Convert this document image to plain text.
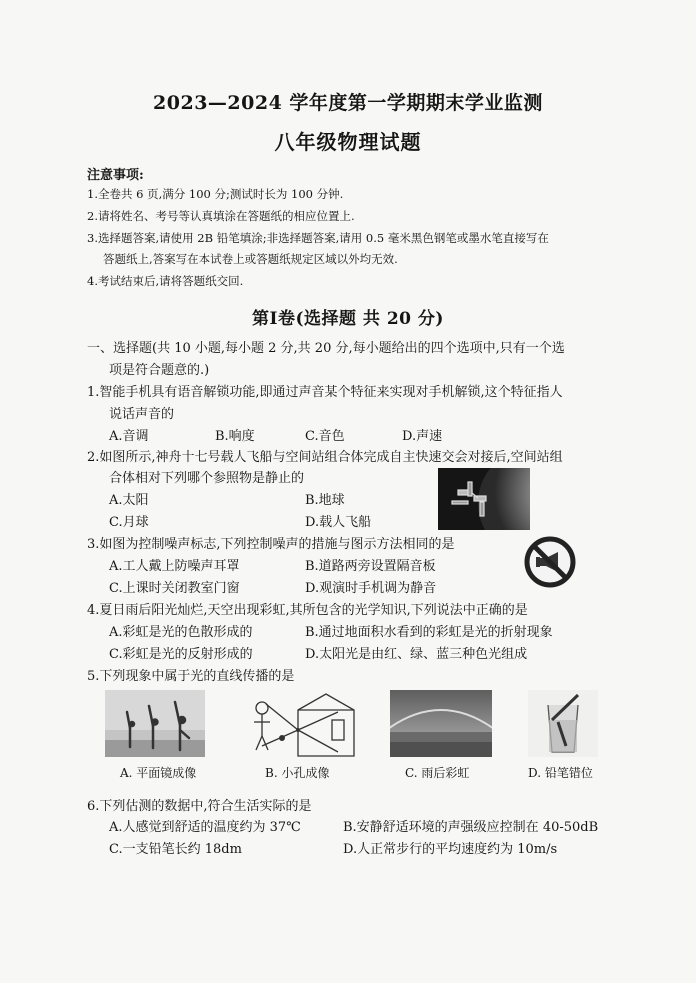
2023—2024 学年度第一学期期末学业监测
八年级物理试题
注意事项:
1.全卷共 6 页,满分 100 分;测试时长为 100 分钟.
2.请将姓名、考号等认真填涂在答题纸的相应位置上.
3.选择题答案,请使用 2B 铅笔填涂;非选择题答案,请用 0.5 毫米黑色钢笔或墨水笔直接写在
答题纸上,答案写在本试卷上或答题纸规定区域以外均无效.
4.考试结束后,请将答题纸交回.
第Ⅰ卷(选择题 共 20 分)
一、选择题(共 10 小题,每小题 2 分,共 20 分,每小题给出的四个选项中,只有一个选
项是符合题意的.)
1.智能手机具有语音解锁功能,即通过声音某个特征来实现对手机解锁,这个特征指人
说话声音的
A.音调	B.响度	C.音色	D.声速
2.如图所示,神舟十七号载人飞船与空间站组合体完成自主快速交会对接后,空间站组
合体相对下列哪个参照物是静止的
A.太阳	B.地球
C.月球	D.载人飞船
3.如图为控制噪声标志,下列控制噪声的措施与图示方法相同的是
A.工人戴上防噪声耳罩	B.道路两旁设置隔音板
C.上课时关闭教室门窗	D.观演时手机调为静音
4.夏日雨后阳光灿烂,天空出现彩虹,其所包含的光学知识,下列说法中正确的是
A.彩虹是光的色散形成的	B.通过地面积水看到的彩虹是光的折射现象
C.彩虹是光的反射形成的	D.太阳光是由红、绿、蓝三种色光组成
5.下列现象中属于光的直线传播的是
A. 平面镜成像	B. 小孔成像	C. 雨后彩虹	D. 铅笔错位
6.下列估测的数据中,符合生活实际的是
A.人感觉到舒适的温度约为 37℃	B.安静舒适环境的声强级应控制在 40-50dB
C.一支铅笔长约 18dm	D.人正常步行的平均速度约为 10m/s
